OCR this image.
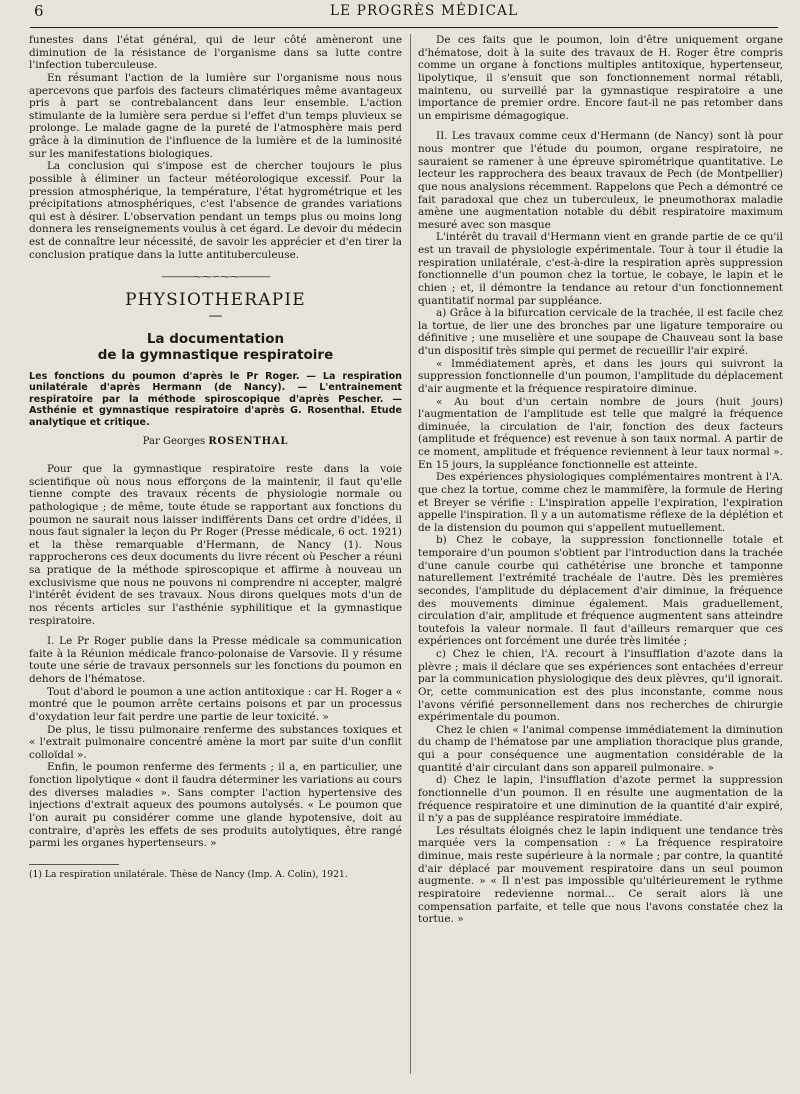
6	LE PROGRÈS MÉDICAL

funestes dans l'état général, qui de leur côté amèneront une diminution de la résistance de l'organisme dans sa lutte contre l'infection tuberculeuse.

En résumant l'action de la lumière sur l'organisme nous nous apercevons que parfois des facteurs climatériques même avantageux pris à part se contrebalancent dans leur ensemble. L'action stimulante de la lumière sera perdue si l'effet d'un temps pluvieux se prolonge. Le malade gagne de la pureté de l'atmosphère mais perd grâce à la diminution de l'influence de la lumière et de la luminosité sur les manifestations biologiques.

La conclusion qui s'impose est de chercher toujours le plus possible à éliminer un facteur météorologique excessif. Pour la pression atmosphérique, la température, l'état hygrométrique et les précipitations atmosphériques, c'est l'absence de grandes variations qui est à désirer. L'observation pendant un temps plus ou moins long donnera les renseignements voulus à cet égard. Le devoir du médecin est de connaître leur nécessité, de savoir les apprécier et d'en tirer la conclusion pratique dans la lutte antituberculeuse.

———⁓⁓∽⁓⁓———
PHYSIOTHERAPIE
—
La documentation
de la gymnastique respiratoire
Les fonctions du poumon d'après le Pr Roger. — La respiration unilatérale d'après Hermann (de Nancy). — L'entrainement respiratoire par la méthode spiroscopique d'après Pescher. — Asthénie et gymnastique respiratoire d'après G. Rosenthal. Etude analytique et critique.
Par Georges ROSENTHAL

Pour que la gymnastique respiratoire reste dans la voie scientifique où nous nous efforçons de la maintenir, il faut qu'elle tienne compte des travaux récents de physiologie normale ou pathologique ; de même, toute étude se rapportant aux fonctions du poumon ne saurait nous laisser indifférents Dans cet ordre d'idées, il nous faut signaler la leçon du Pr Roger (Presse médicale, 6 oct. 1921) et la thèse remarquable d'Hermann, de Nancy (1). Nous rapprocherons ces deux documents du livre récent où Pescher a réuni sa pratique de la méthode spiroscopique et affirme à nouveau un exclusivisme que nous ne pouvons ni comprendre ni accepter, malgré l'intérêt évident de ses travaux. Nous dirons quelques mots d'un de nos récents articles sur l'asthénie syphilitique et la gymnastique respiratoire.

I. Le Pr Roger publie dans la Presse médicale sa communication faite à la Réunion médicale franco-polonaise de Varsovie. Il y résume toute une série de travaux personnels sur les fonctions du poumon en dehors de l'hématose.

Tout d'abord le poumon a une action antitoxique : car H. Roger a « montré que le poumon arrête certains poisons et par un processus d'oxydation leur fait perdre une partie de leur toxicité. »

De plus, le tissu pulmonaire renferme des substances toxiques et « l'extrait pulmonaire concentré amène la mort par suite d'un conflit colloïdal ».

Enfin, le poumon renferme des ferments ; il a, en particulier, une fonction lipolytique « dont il faudra déterminer les variations au cours des diverses maladies ». Sans compter l'action hypertensive des injections d'extrait aqueux des poumons autolysés. « Le poumon que l'on aurait pu considérer comme une glande hypotensive, doit au contraire, d'après les effets de ses produits autolytiques, être rangé parmi les organes hypertenseurs. »

(1) La respiration unilatérale. Thèse de Nancy (Imp. A. Colin), 1921.

De ces faits que le poumon, loin d'être uniquement organe d'hématose, doit à la suite des travaux de H. Roger être compris comme un organe à fonctions multiples antitoxique, hypertenseur, lipolytique, il s'ensuit que son fonctionnement normal rétabli, maintenu, ou surveillé par la gymnastique respiratoire a une importance de premier ordre. Encore faut-il ne pas retomber dans un empirisme démagogique.

II. Les travaux comme ceux d'Hermann (de Nancy) sont là pour nous montrer que l'étude du poumon, organe respiratoire, ne sauraient se ramener à une épreuve spirométrique quantitative. Le lecteur les rapprochera des beaux travaux de Pech (de Montpellier) que nous analysions récemment. Rappelons que Pech a démontré ce fait paradoxal que chez un tuberculeux, le pneumothorax maladie amène une augmentation notable du débit respiratoire maximum mesuré avec son masque

L'intérêt du travail d'Hermann vient en grande partie de ce qu'il est un travail de physiologie expérimentale. Tour à tour il étudie la respiration unilatérale, c'est-à-dire la respiration après suppression fonctionnelle d'un poumon chez la tortue, le cobaye, le lapin et le chien ; et, il démontre la tendance au retour d'un fonctionnement quantitatif normal par suppléance.

a) Grâce à la bifurcation cervicale de la trachée, il est facile chez la tortue, de lier une des bronches par une ligature temporaire ou définitive ; une muselière et une soupape de Chauveau sont la base d'un dispositif très simple qui permet de recueillir l'air expiré.

« Immédiatement après, et dans les jours qui suivront la suppression fonctionnelle d'un poumon, l'amplitude du déplacement d'air augmente et la fréquence respiratoire diminue.

« Au bout d'un certain nombre de jours (huit jours) l'augmentation de l'amplitude est telle que malgré la fréquence diminuée, la circulation de l'air, fonction des deux facteurs (amplitude et fréquence) est revenue à son taux normal. A partir de ce moment, amplitude et fréquence reviennent à leur taux normal ». En 15 jours, la suppléance fonctionnelle est atteinte.

Des expériences physiologiques complémentaires montrent à l'A. que chez la tortue, comme chez le mammifère, la formule de Hering et Breyer se vérifie : L'inspiration appelle l'expiration, l'expiration appelle l'inspiration. Il y a un automatisme réflexe de la déplétion et de la distension du poumon qui s'appellent mutuellement.

b) Chez le cobaye, la suppression fonctionnelle totale et temporaire d'un poumon s'obtient par l'introduction dans la trachée d'une canule courbe qui cathétérise une bronche et tamponne naturellement l'extrémité trachéale de l'autre. Dès les premières secondes, l'amplitude du déplacement d'air diminue, la fréquence des mouvements diminue également. Mais graduellement, circulation d'air, amplitude et fréquence augmentent sans atteindre toutefois la valeur normale. Il faut d'ailleurs remarquer que ces expériences ont forcément une durée très limitée ;

c) Chez le chien, l'A. recourt à l'insufflation d'azote dans la plèvre ; mais il déclare que ses expériences sont entachées d'erreur par la communication physiologique des deux plèvres, qu'il ignorait. Or, cette communication est des plus inconstante, comme nous l'avons vérifié personnellement dans nos recherches de chirurgie expérimentale du poumon.

Chez le chien « l'animal compense immédiatement la diminution du champ de l'hématose par une ampliation thoracique plus grande, qui a pour conséquence une augmentation considérable de la quantité d'air circulant dans son appareil pulmonaire. »

d) Chez le lapin, l'insufflation d'azote permet la suppression fonctionnelle d'un poumon. Il en résulte une augmentation de la fréquence respiratoire et une diminution de la quantité d'air expiré, il n'y a pas de suppléance respiratoire immédiate.

Les résultats éloignés chez le lapin indiquent une tendance très marquée vers la compensation : « La fréquence respiratoire diminue, mais reste supérieure à la normale ; par contre, la quantité d'air déplacé par mouvement respiratoire dans un seul poumon augmente. » « Il n'est pas impossible qu'ultérieurement le rythme respiratoire redevienne normal... Ce serait alors là une compensation parfaite, et telle que nous l'avons constatée chez la tortue. »
